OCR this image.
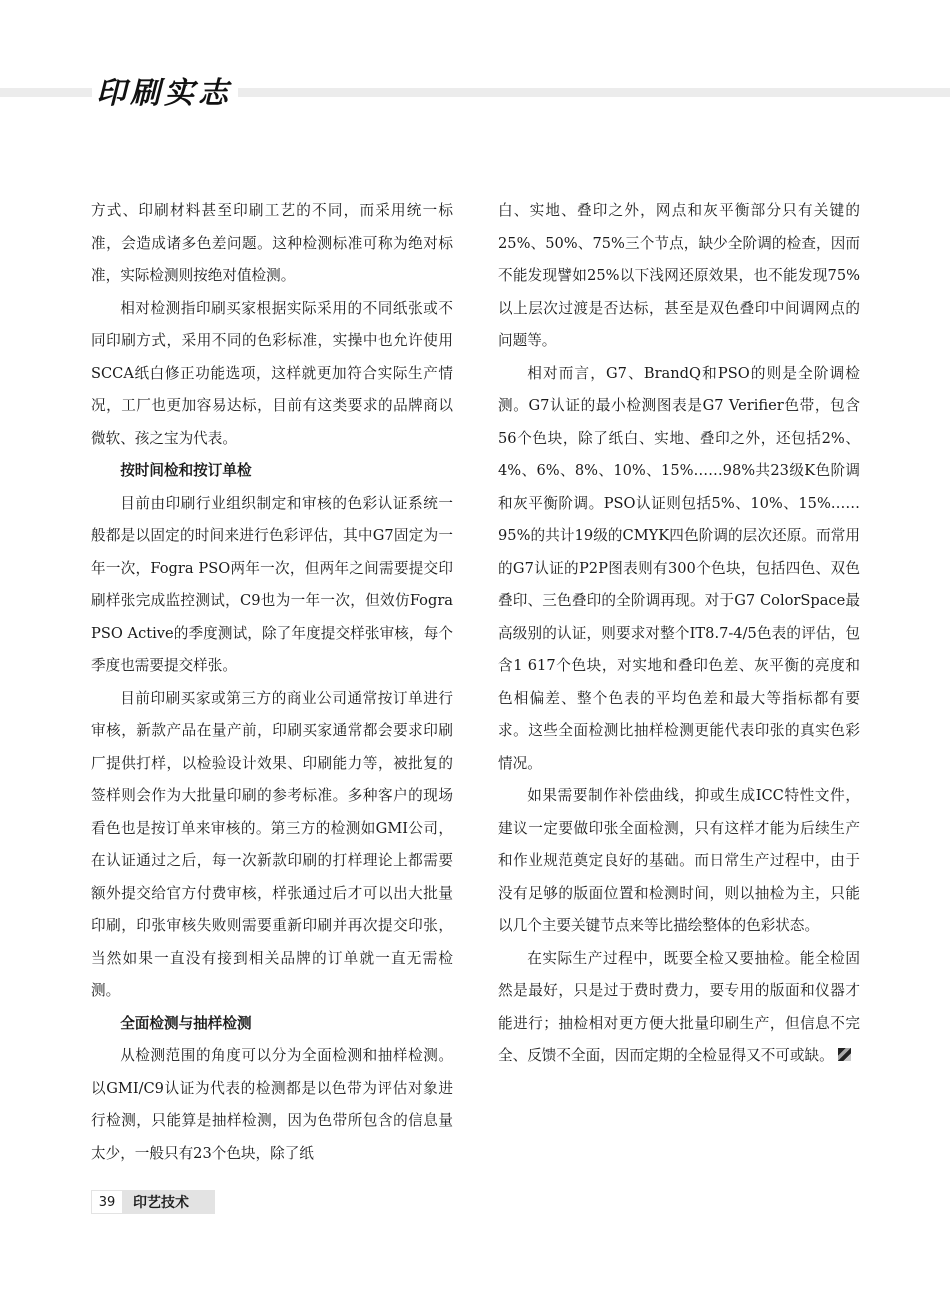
印刷实志

方式、印刷材料甚至印刷工艺的不同，而采用统一标准，会造成诸多色差问题。这种检测标准可称为绝对标准，实际检测则按绝对值检测。

相对检测指印刷买家根据实际采用的不同纸张或不同印刷方式，采用不同的色彩标准，实操中也允许使用SCCA纸白修正功能选项，这样就更加符合实际生产情况，工厂也更加容易达标，目前有这类要求的品牌商以微软、孩之宝为代表。

按时间检和按订单检

目前由印刷行业组织制定和审核的色彩认证系统一般都是以固定的时间来进行色彩评估，其中G7固定为一年一次，Fogra PSO两年一次，但两年之间需要提交印刷样张完成监控测试，C9也为一年一次，但效仿Fogra PSO Active的季度测试，除了年度提交样张审核，每个季度也需要提交样张。

目前印刷买家或第三方的商业公司通常按订单进行审核，新款产品在量产前，印刷买家通常都会要求印刷厂提供打样，以检验设计效果、印刷能力等，被批复的签样则会作为大批量印刷的参考标准。多种客户的现场看色也是按订单来审核的。第三方的检测如GMI公司，在认证通过之后，每一次新款印刷的打样理论上都需要额外提交给官方付费审核，样张通过后才可以出大批量印刷，印张审核失败则需要重新印刷并再次提交印张，当然如果一直没有接到相关品牌的订单就一直无需检测。

全面检测与抽样检测

从检测范围的角度可以分为全面检测和抽样检测。以GMI/C9认证为代表的检测都是以色带为评估对象进行检测，只能算是抽样检测，因为色带所包含的信息量太少，一般只有23个色块，除了纸

白、实地、叠印之外，网点和灰平衡部分只有关键的25%、50%、75%三个节点，缺少全阶调的检查，因而不能发现譬如25%以下浅网还原效果，也不能发现75%以上层次过渡是否达标，甚至是双色叠印中间调网点的问题等。

相对而言，G7、BrandQ和PSO的则是全阶调检测。G7认证的最小检测图表是G7 Verifier色带，包含56个色块，除了纸白、实地、叠印之外，还包括2%、4%、6%、8%、10%、15%……98%共23级K色阶调和灰平衡阶调。PSO认证则包括5%、10%、15%……95%的共计19级的CMYK四色阶调的层次还原。而常用的G7认证的P2P图表则有300个色块，包括四色、双色叠印、三色叠印的全阶调再现。对于G7 ColorSpace最高级别的认证，则要求对整个IT8.7-4/5色表的评估，包含1 617个色块，对实地和叠印色差、灰平衡的亮度和色相偏差、整个色表的平均色差和最大等指标都有要求。这些全面检测比抽样检测更能代表印张的真实色彩情况。

如果需要制作补偿曲线，抑或生成ICC特性文件，建议一定要做印张全面检测，只有这样才能为后续生产和作业规范奠定良好的基础。而日常生产过程中，由于没有足够的版面位置和检测时间，则以抽检为主，只能以几个主要关键节点来等比描绘整体的色彩状态。

在实际生产过程中，既要全检又要抽检。能全检固然是最好，只是过于费时费力，要专用的版面和仪器才能进行；抽检相对更方便大批量印刷生产，但信息不完全、反馈不全面，因而定期的全检显得又不可或缺。

39	印艺技术
